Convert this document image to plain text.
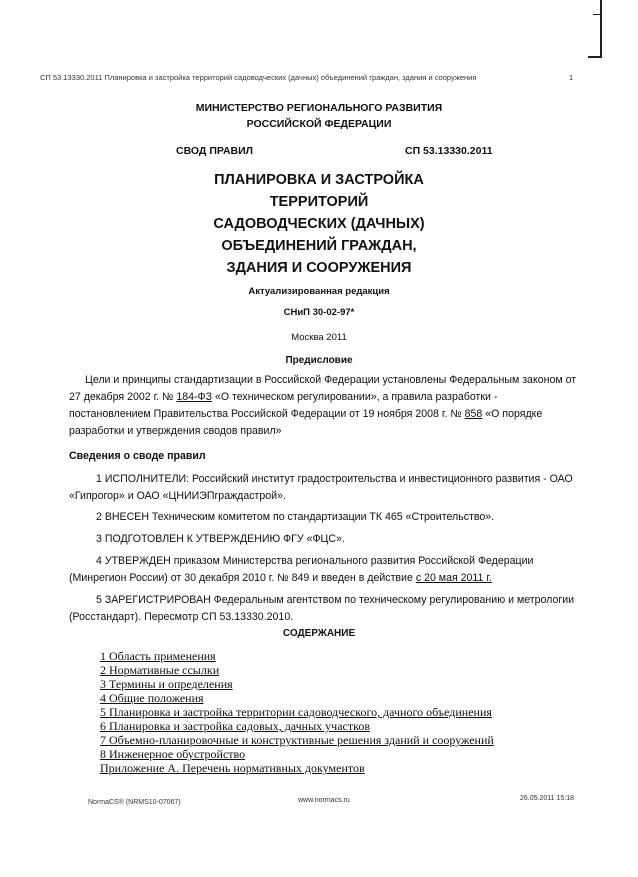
СП 53.13330.2011 Планировка и застройка территорий садоводческих (дачных) объединений граждан, здания и сооружения	1
МИНИСТЕРСТВО РЕГИОНАЛЬНОГО РАЗВИТИЯ
РОССИЙСКОЙ ФЕДЕРАЦИИ
СВОД ПРАВИЛ	СП 53.13330.2011
ПЛАНИРОВКА И ЗАСТРОЙКА
ТЕРРИТОРИЙ
САДОВОДЧЕСКИХ (ДАЧНЫХ)
ОБЪЕДИНЕНИЙ ГРАЖДАН,
ЗДАНИЯ И СООРУЖЕНИЯ
Актуализированная редакция
СНиП 30-02-97*
Москва 2011
Предисловие
Цели и принципы стандартизации в Российской Федерации установлены Федеральным законом от
27 декабря 2002 г. № 184-ФЗ «О техническом регулировании», а правила разработки -
постановлением Правительства Российской Федерации от 19 ноября 2008 г. № 858 «О порядке
разработки и утверждения сводов правил»
Сведения о своде правил
1 ИСПОЛНИТЕЛИ: Российский институт градостроительства и инвестиционного развития - ОАО
«Гипрогор» и ОАО «ЦНИИЭПграждастрой».
2 ВНЕСЕН Техническим комитетом по стандартизации ТК 465 «Строительство».
3 ПОДГОТОВЛЕН К УТВЕРЖДЕНИЮ ФГУ «ФЦС».
4 УТВЕРЖДЕН приказом Министерства регионального развития Российской Федерации
(Минрегион России) от 30 декабря 2010 г. № 849 и введен в действие с 20 мая 2011 г.
5 ЗАРЕГИСТРИРОВАН Федеральным агентством по техническому регулированию и метрологии
(Росстандарт). Пересмотр СП 53.13330.2010.
СОДЕРЖАНИЕ
1 Область применения
2 Нормативные ссылки
3 Термины и определения
4 Общие положения
5 Планировка и застройка территории садоводческого, дачного объединения
6 Планировка и застройка садовых, дачных участков
7 Объемно-планировочные и конструктивные решения зданий и сооружений
8 Инженерное обустройство
Приложение А. Перечень нормативных документов
NormaCS® (NRMS10-07067)	www.normacs.ru	26.05.2011 15:18
